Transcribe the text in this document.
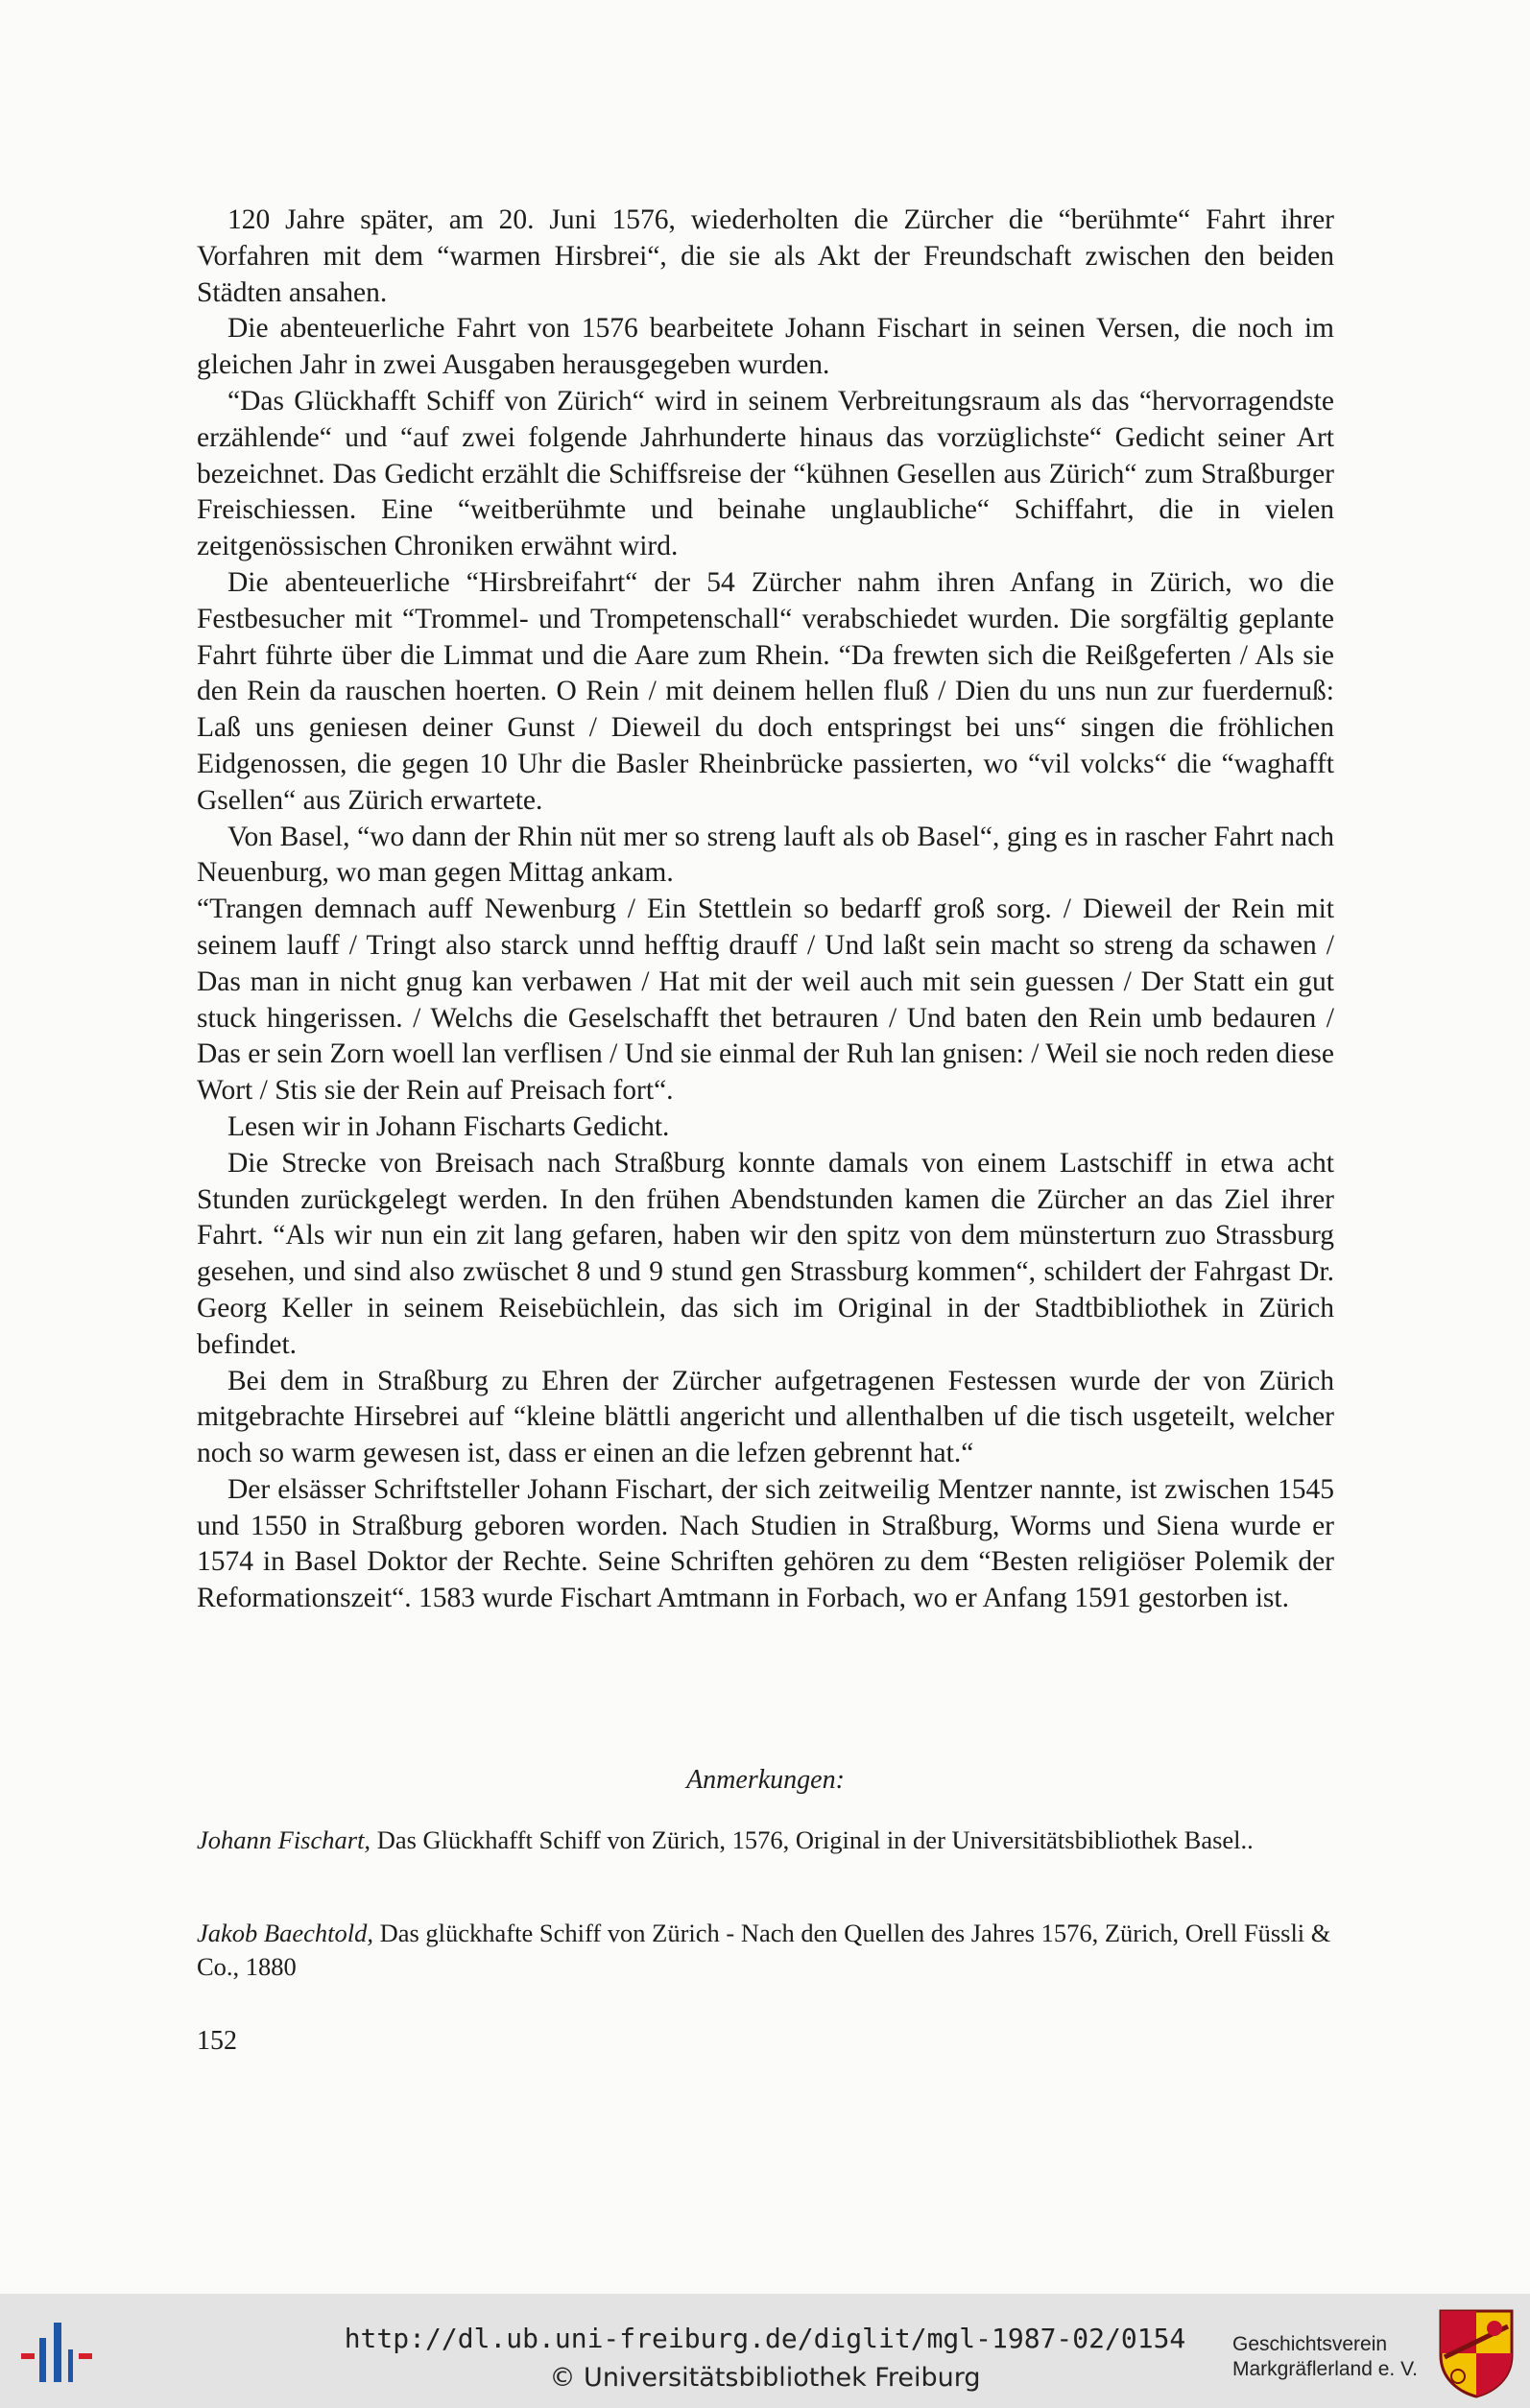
120 Jahre später, am 20. Juni 1576, wiederholten die Zürcher die “berühmte“ Fahrt ihrer Vorfahren mit dem “warmen Hirsbrei“, die sie als Akt der Freundschaft zwischen den beiden Städten ansahen.

Die abenteuerliche Fahrt von 1576 bearbeitete Johann Fischart in seinen Versen, die noch im gleichen Jahr in zwei Ausgaben herausgegeben wurden.

“Das Glückhafft Schiff von Zürich“ wird in seinem Verbreitungsraum als das “hervorragendste erzählende“ und “auf zwei folgende Jahrhunderte hinaus das vorzüglichste“ Gedicht seiner Art bezeichnet. Das Gedicht erzählt die Schiffsreise der “kühnen Gesellen aus Zürich“ zum Straßburger Freischiessen. Eine “weitberühmte und beinahe unglaubliche“ Schiffahrt, die in vielen zeitgenössischen Chroniken erwähnt wird.

Die abenteuerliche “Hirsbreifahrt“ der 54 Zürcher nahm ihren Anfang in Zürich, wo die Festbesucher mit “Trommel- und Trompetenschall“ verabschiedet wurden. Die sorgfältig geplante Fahrt führte über die Limmat und die Aare zum Rhein. “Da frewten sich die Reißgeferten / Als sie den Rein da rauschen hoerten. O Rein / mit deinem hellen fluß / Dien du uns nun zur fuerdernuß: Laß uns geniesen deiner Gunst / Dieweil du doch entspringst bei uns“ singen die fröhlichen Eidgenossen, die gegen 10 Uhr die Basler Rheinbrücke passierten, wo “vil volcks“ die “waghafft Gsellen“ aus Zürich erwartete.

Von Basel, “wo dann der Rhin nüt mer so streng lauft als ob Basel“, ging es in rascher Fahrt nach Neuenburg, wo man gegen Mittag ankam.

“Trangen demnach auff Newenburg / Ein Stettlein so bedarff groß sorg. / Dieweil der Rein mit seinem lauff / Tringt also starck unnd hefftig drauff / Und laßt sein macht so streng da schawen / Das man in nicht gnug kan verbawen / Hat mit der weil auch mit sein guessen / Der Statt ein gut stuck hingerissen. / Welchs die Geselschafft thet betrauren / Und baten den Rein umb bedauren / Das er sein Zorn woell lan verflisen / Und sie einmal der Ruh lan gnisen: / Weil sie noch reden diese Wort / Stis sie der Rein auf Preisach fort“.

Lesen wir in Johann Fischarts Gedicht.

Die Strecke von Breisach nach Straßburg konnte damals von einem Lastschiff in etwa acht Stunden zurückgelegt werden. In den frühen Abendstunden kamen die Zürcher an das Ziel ihrer Fahrt. “Als wir nun ein zit lang gefaren, haben wir den spitz von dem münsterturn zuo Strassburg gesehen, und sind also zwüschet 8 und 9 stund gen Strassburg kommen“, schildert der Fahrgast Dr. Georg Keller in seinem Reisebüchlein, das sich im Original in der Stadtbibliothek in Zürich befindet.

Bei dem in Straßburg zu Ehren der Zürcher aufgetragenen Festessen wurde der von Zürich mitgebrachte Hirsebrei auf “kleine blättli angericht und allenthalben uf die tisch usgeteilt, welcher noch so warm gewesen ist, dass er einen an die lefzen gebrennt hat.“

Der elsässer Schriftsteller Johann Fischart, der sich zeitweilig Mentzer nannte, ist zwischen 1545 und 1550 in Straßburg geboren worden. Nach Studien in Straßburg, Worms und Siena wurde er 1574 in Basel Doktor der Rechte. Seine Schriften gehören zu dem “Besten religiöser Polemik der Reformationszeit“. 1583 wurde Fischart Amtmann in Forbach, wo er Anfang 1591 gestorben ist.

Anmerkungen:
Johann Fischart, Das Glückhafft Schiff von Zürich, 1576, Original in der Universitätsbibliothek Basel..
Jakob Baechtold, Das glückhafte Schiff von Zürich - Nach den Quellen des Jahres 1576, Zürich, Orell Füssli & Co., 1880
152
http://dl.ub.uni-freiburg.de/diglit/mgl-1987-02/0154
© Universitätsbibliothek Freiburg
Geschichtsverein
Markgräflerland e. V.
